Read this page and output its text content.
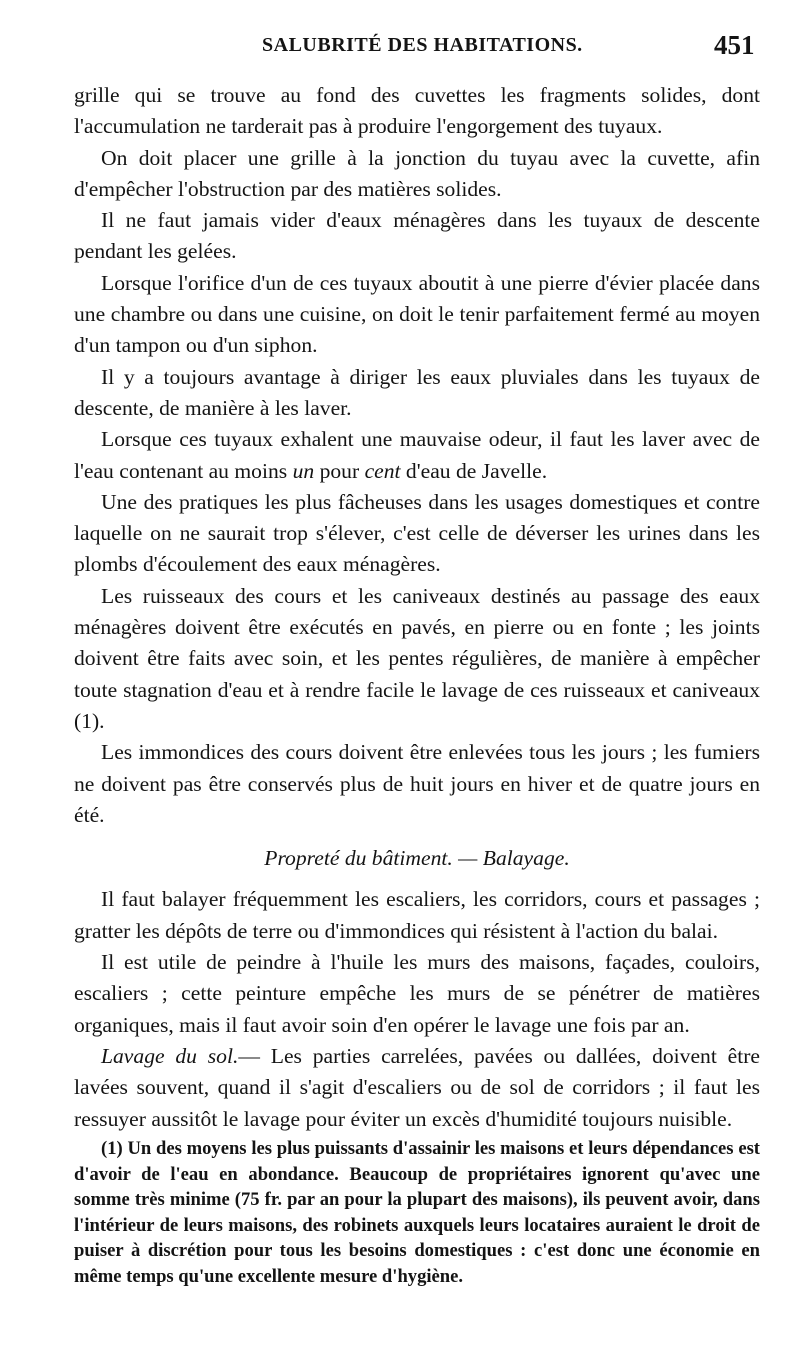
SALUBRITÉ DES HABITATIONS.	451

grille qui se trouve au fond des cuvettes les fragments solides, dont l'accumulation ne tarderait pas à produire l'engorgement des tuyaux.

On doit placer une grille à la jonction du tuyau avec la cuvette, afin d'empêcher l'obstruction par des matières solides.

Il ne faut jamais vider d'eaux ménagères dans les tuyaux de descente pendant les gelées.

Lorsque l'orifice d'un de ces tuyaux aboutit à une pierre d'évier placée dans une chambre ou dans une cuisine, on doit le tenir parfaitement fermé au moyen d'un tampon ou d'un siphon.

Il y a toujours avantage à diriger les eaux pluviales dans les tuyaux de descente, de manière à les laver.

Lorsque ces tuyaux exhalent une mauvaise odeur, il faut les laver avec de l'eau contenant au moins un pour cent d'eau de Javelle.

Une des pratiques les plus fâcheuses dans les usages domestiques et contre laquelle on ne saurait trop s'élever, c'est celle de déverser les urines dans les plombs d'écoulement des eaux ménagères.

Les ruisseaux des cours et les caniveaux destinés au passage des eaux ménagères doivent être exécutés en pavés, en pierre ou en fonte ; les joints doivent être faits avec soin, et les pentes régulières, de manière à empêcher toute stagnation d'eau et à rendre facile le lavage de ces ruisseaux et caniveaux (1).

Les immondices des cours doivent être enlevées tous les jours ; les fumiers ne doivent pas être conservés plus de huit jours en hiver et de quatre jours en été.

Propreté du bâtiment. — Balayage.

Il faut balayer fréquemment les escaliers, les corridors, cours et passages ; gratter les dépôts de terre ou d'immondices qui résistent à l'action du balai.

Il est utile de peindre à l'huile les murs des maisons, façades, couloirs, escaliers ; cette peinture empêche les murs de se pénétrer de matières organiques, mais il faut avoir soin d'en opérer le lavage une fois par an.

Lavage du sol.— Les parties carrelées, pavées ou dallées, doivent être lavées souvent, quand il s'agit d'escaliers ou de sol de corridors ; il faut les ressuyer aussitôt le lavage pour éviter un excès d'humidité toujours nuisible.

(1) Un des moyens les plus puissants d'assainir les maisons et leurs dépendances est d'avoir de l'eau en abondance. Beaucoup de propriétaires ignorent qu'avec une somme très minime (75 fr. par an pour la plupart des maisons), ils peuvent avoir, dans l'intérieur de leurs maisons, des robinets auxquels leurs locataires auraient le droit de puiser à discrétion pour tous les besoins domestiques : c'est donc une économie en même temps qu'une excellente mesure d'hygiène.
